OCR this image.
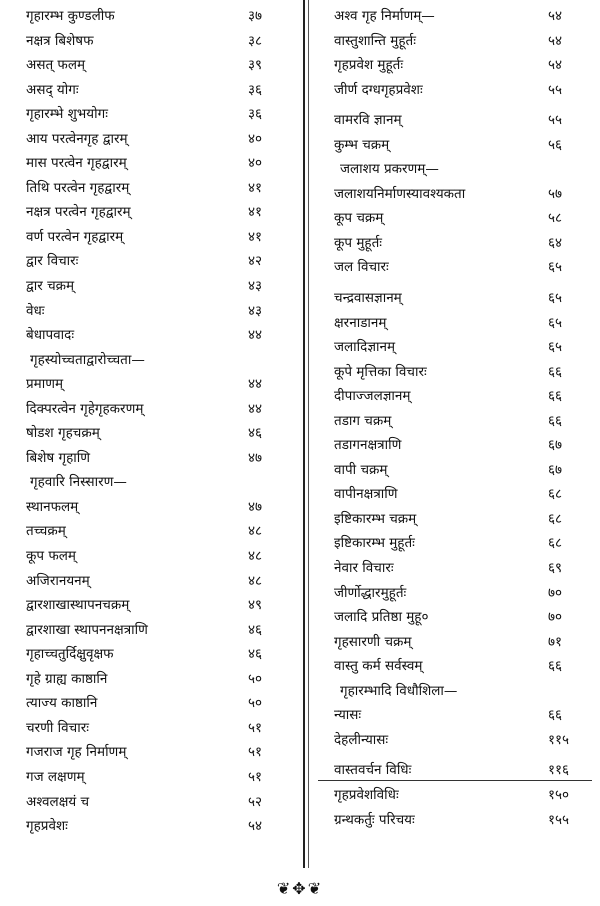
गृहारम्भ कुण्डलीफ	३७
नक्षत्र बिशेषफ	३८
असत् फलम्	३९
असद् योगः	३६
गृहारम्भे शुभयोगः	३६
आय परत्वेनगृह द्वारम्	४०
मास परत्वेन गृहद्वारम्	४०
तिथि परत्वेन गृहद्वारम्	४१
नक्षत्र परत्वेन गृहद्वारम्	४१
वर्ण परत्वेन गृहद्वारम्	४१
द्वार विचारः	४२
द्वार चक्रम्	४३
वेधः	४३
बेधापवादः	४४
गृहस्योच्चताद्वारोच्चता—
प्रमाणम्	४४
दिक्परत्वेन गृहेगृहकरणम्	४४
षोडश गृहचक्रम्	४६
बिशेष गृहाणि	४७
गृहवारि निस्सारण—
स्थानफलम्	४७
तच्चक्रम्	४८
कूप फलम्	४८
अजिरानयनम्	४८
द्वारशाखास्थापनचक्रम्	४९
द्वारशाखा स्थापननक्षत्राणि	४६
गृहाच्चतुर्दिक्षुवृक्षफ	४६
गृहे ग्राह्य काष्ठानि	५०
त्याज्य काष्ठानि	५०
चरणी विचारः	५१
गजराज गृह निर्माणम्	५१
गज लक्षणम्	५१
अश्वलक्षयं च	५२
गृहप्रवेशः	५४
अश्व गृह निर्माणम्—	५४
वास्तुशान्ति मुहूर्तः	५४
गृहप्रवेश मुहूर्तः	५४
जीर्ण दग्धगृहप्रवेशः	५५
वामरवि ज्ञानम्	५५
कुम्भ चक्रम्	५६
जलाशय प्रकरणम्—
जलाशयनिर्माणस्यावश्यकता	५७
कूप चक्रम्	५८
कूप मुहूर्तः	६४
जल विचारः	६५
चन्द्रवासज्ञानम्	६५
क्षरनाडानम्	६५
जलादिज्ञानम्	६५
कूपे मृत्तिका विचारः	६६
दीपाज्जलज्ञानम्	६६
तडाग चक्रम्	६६
तडागनक्षत्राणि	६७
वापी चक्रम्	६७
वापीनक्षत्राणि	६८
इष्टिकारम्भ चक्रम्	६८
इष्टिकारम्भ मुहूर्तः	६८
नेवार विचारः	६९
जीर्णोद्धारमुहूर्तः	७०
जलादि प्रतिष्ठा मुहू०	७०
गृहसारणी चक्रम्	७१
वास्तु कर्म सर्वस्वम्	६६
गृहारम्भादि विधौशिला—
न्यासः	६६
देहलीन्यासः	११५
वास्तवर्चन विधिः	११६
गृहप्रवेशविधिः	१५०
ग्रन्थकर्तुः परिचयः	१५५
❦✥❦
